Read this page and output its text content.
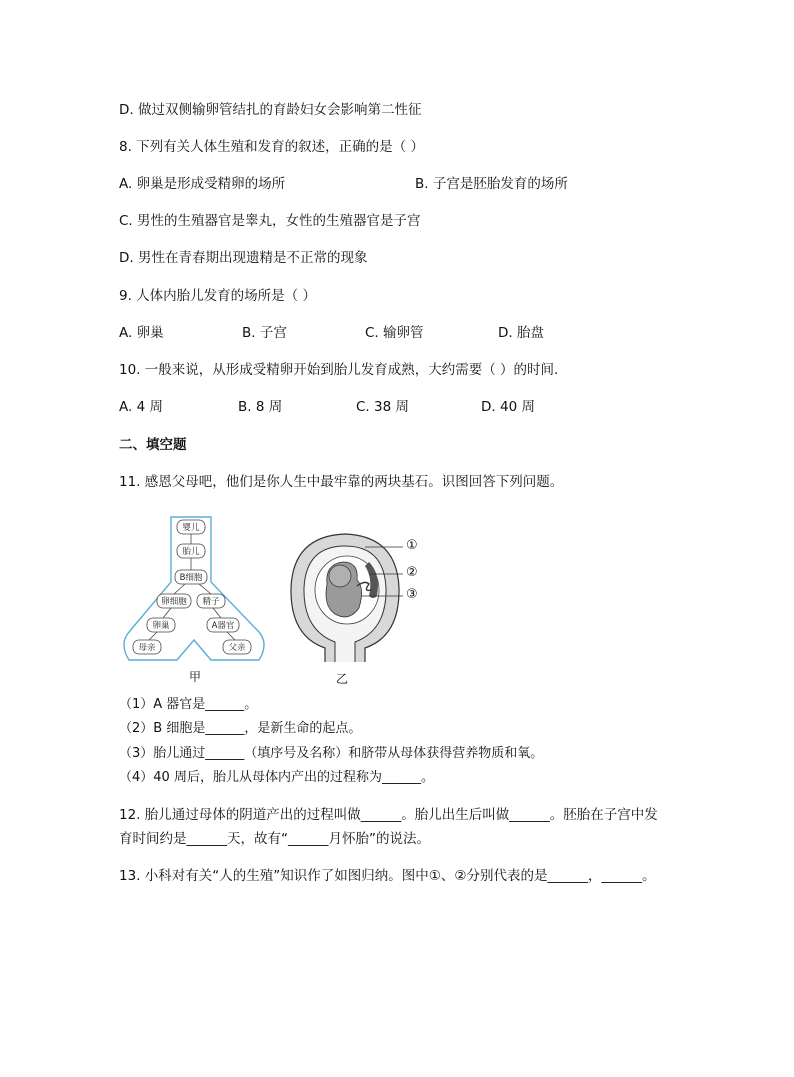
D. 做过双侧输卵管结扎的育龄妇女会影响第二性征
8. 下列有关人体生殖和发育的叙述，正确的是（ ）
A. 卵巢是形成受精卵的场所	B. 子宫是胚胎发育的场所
C. 男性的生殖器官是睾丸，女性的生殖器官是子宫
D. 男性在青春期出现遗精是不正常的现象
9. 人体内胎儿发育的场所是（ ）
A. 卵巢	B. 子宫	C. 输卵管	D. 胎盘
10. 一般来说，从形成受精卵开始到胎儿发育成熟，大约需要（ ）的时间.
A. 4 周	B. 8 周	C. 38 周	D. 40 周
二、填空题
11. 感恩父母吧，他们是你人生中最牢靠的两块基石。识图回答下列问题。
婴儿
胎儿
B细胞
卵细胞 精子
卵巢	A器官
母亲	父亲
甲
①
②
③
乙
（1）A 器官是______。
（2）B 细胞是______，是新生命的起点。
（3）胎儿通过______（填序号及名称）和脐带从母体获得营养物质和氧。
（4）40 周后，胎儿从母体内产出的过程称为______。
12. 胎儿通过母体的阴道产出的过程叫做______。胎儿出生后叫做______。胚胎在子宫中发
育时间约是______天，故有“______月怀胎”的说法。
13. 小科对有关“人的生殖”知识作了如图归纳。图中①、②分别代表的是______，______。
